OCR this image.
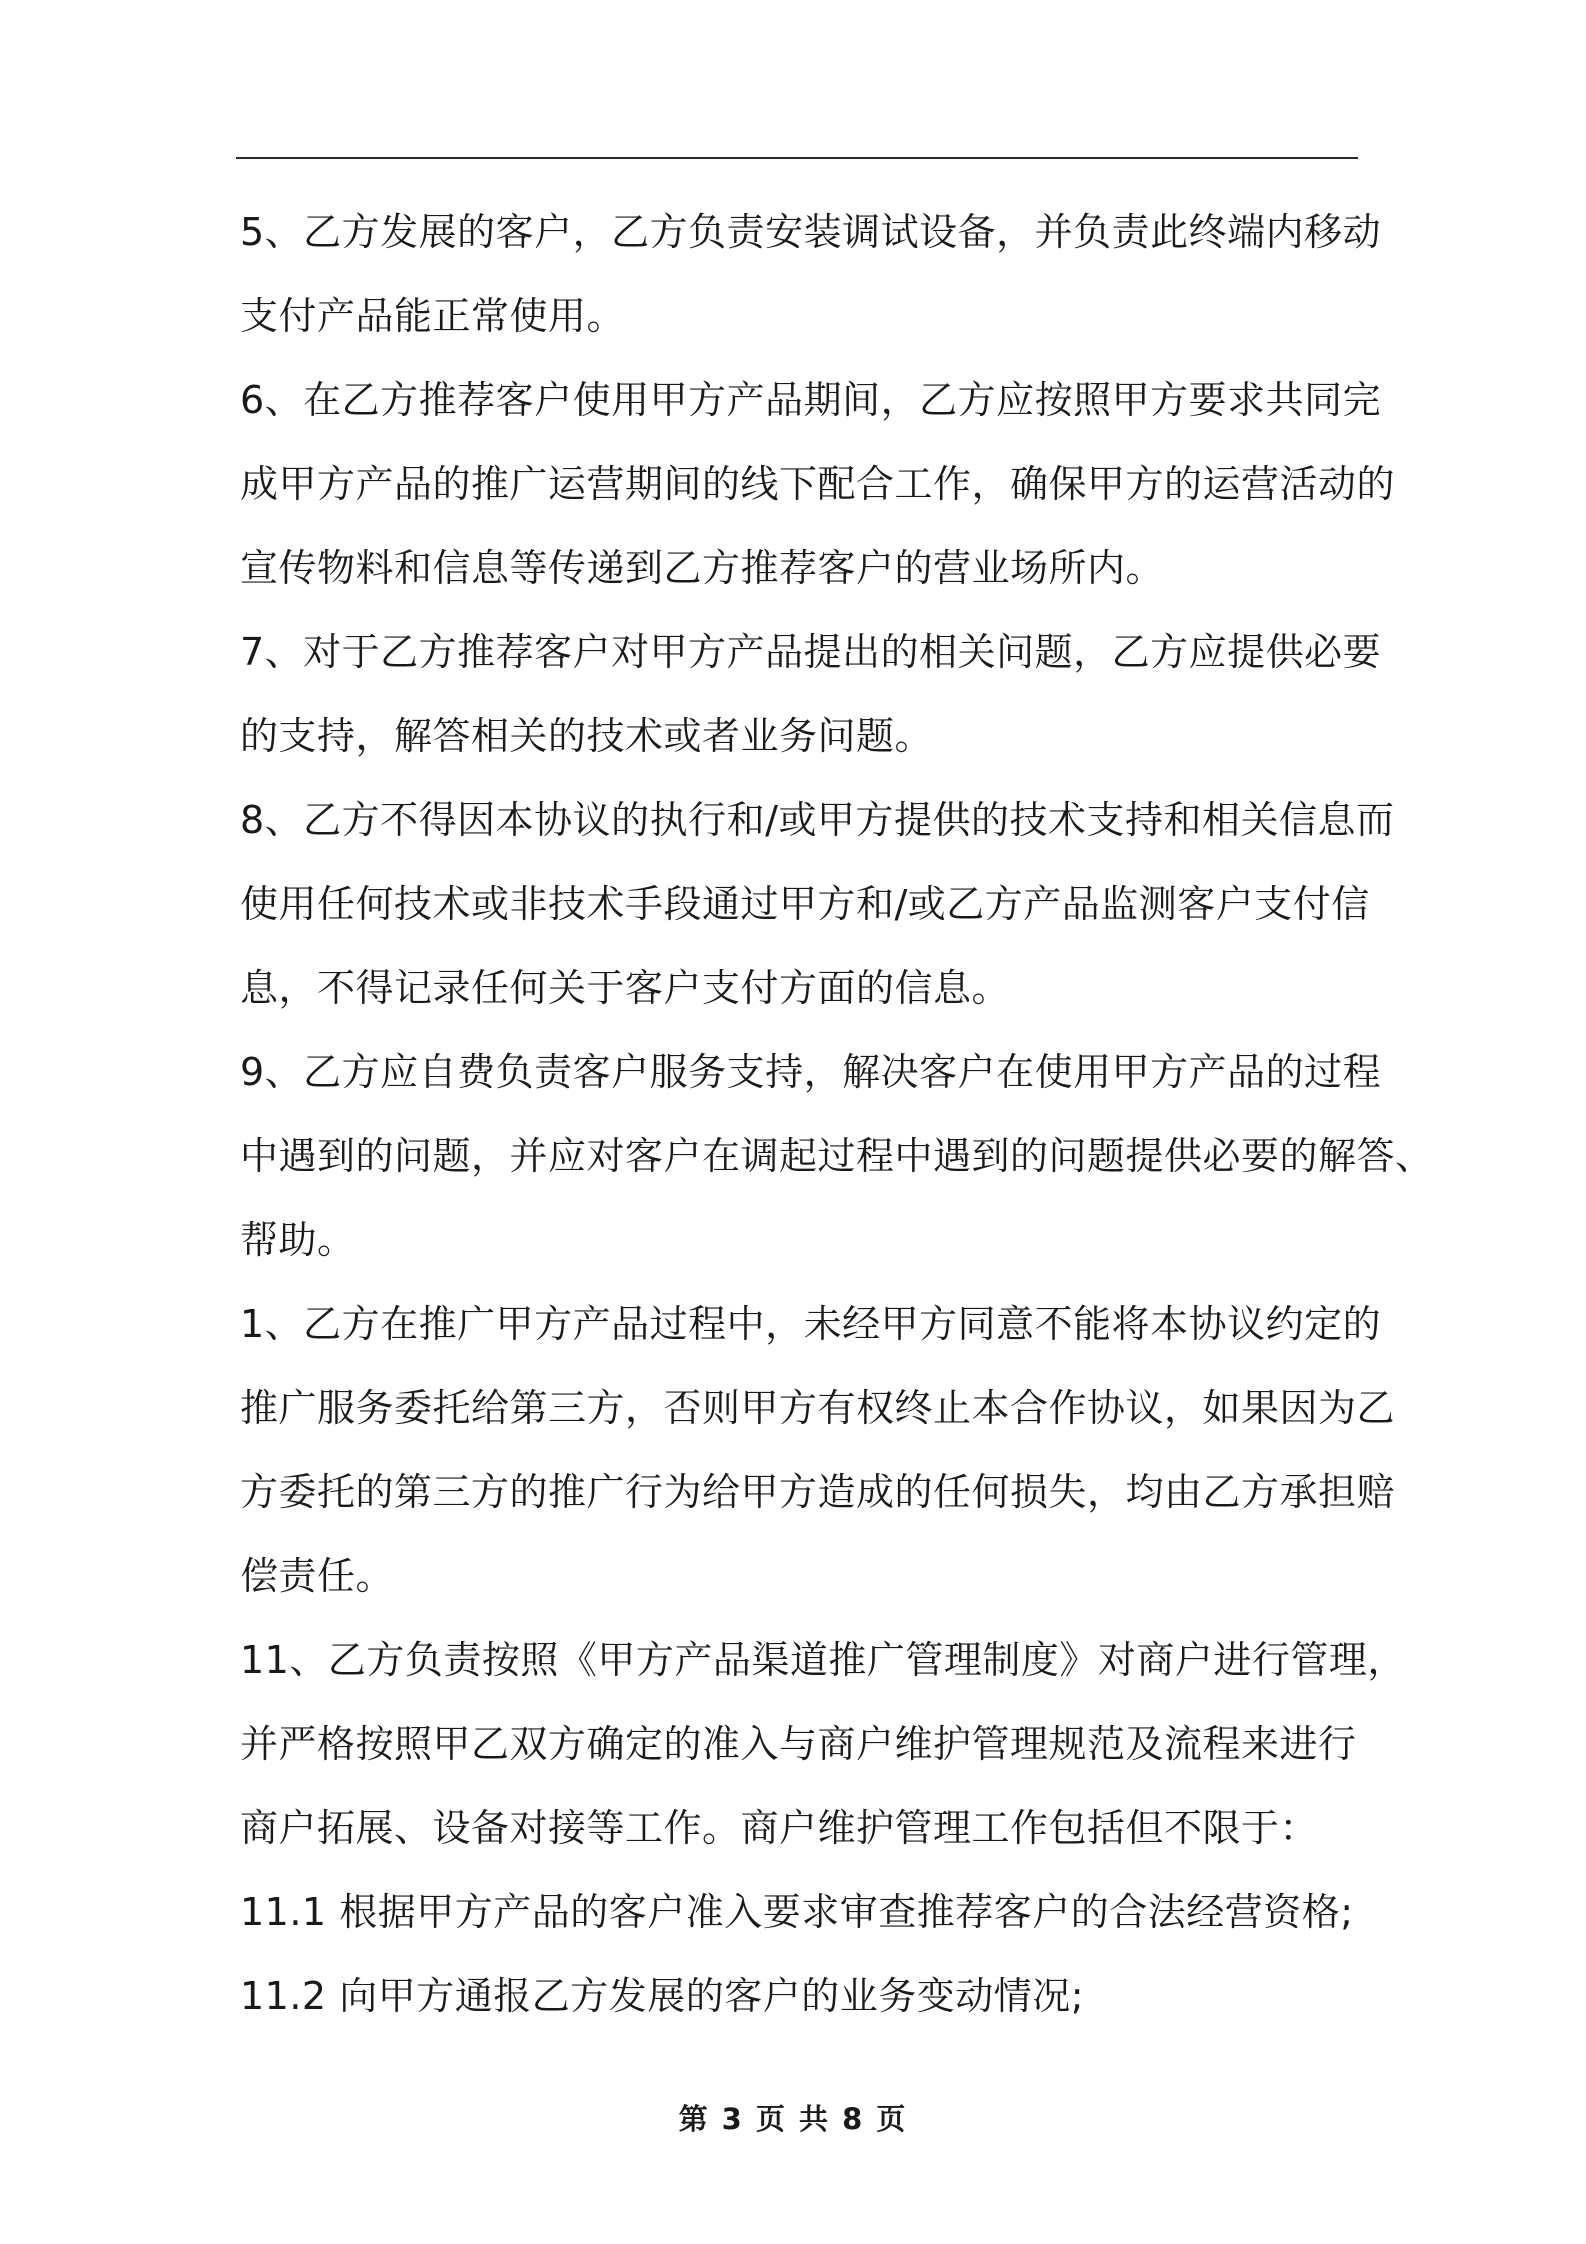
5、乙方发展的客户，乙方负责安装调试设备，并负责此终端内移动
支付产品能正常使用。

6、在乙方推荐客户使用甲方产品期间，乙方应按照甲方要求共同完
成甲方产品的推广运营期间的线下配合工作，确保甲方的运营活动的
宣传物料和信息等传递到乙方推荐客户的营业场所内。

7、对于乙方推荐客户对甲方产品提出的相关问题，乙方应提供必要
的支持，解答相关的技术或者业务问题。

8、乙方不得因本协议的执行和/或甲方提供的技术支持和相关信息而
使用任何技术或非技术手段通过甲方和/或乙方产品监测客户支付信
息，不得记录任何关于客户支付方面的信息。

9、乙方应自费负责客户服务支持，解决客户在使用甲方产品的过程
中遇到的问题，并应对客户在调起过程中遇到的问题提供必要的解答、
帮助。

1、乙方在推广甲方产品过程中，未经甲方同意不能将本协议约定的
推广服务委托给第三方，否则甲方有权终止本合作协议，如果因为乙
方委托的第三方的推广行为给甲方造成的任何损失，均由乙方承担赔
偿责任。

11、乙方负责按照《甲方产品渠道推广管理制度》对商户进行管理，
并严格按照甲乙双方确定的准入与商户维护管理规范及流程来进行
商户拓展、设备对接等工作。商户维护管理工作包括但不限于：

11.1 根据甲方产品的客户准入要求审查推荐客户的合法经营资格;

11.2 向甲方通报乙方发展的客户的业务变动情况;

第 3 页 共 8 页
